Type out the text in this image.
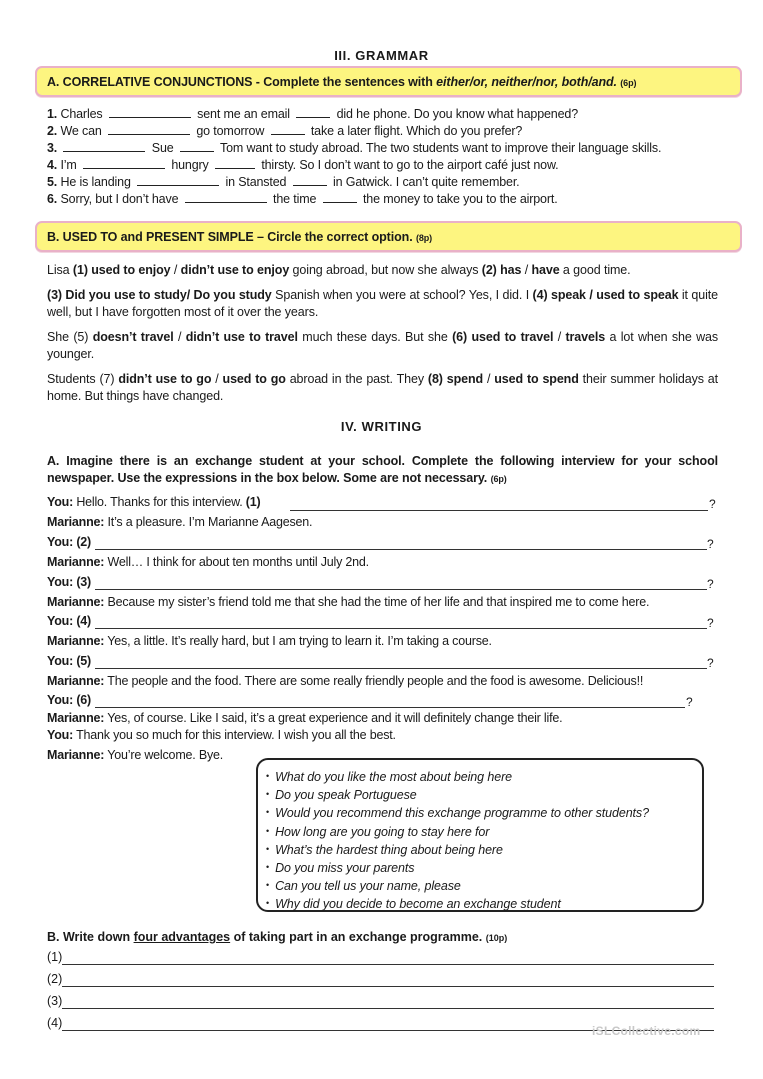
III. GRAMMAR
A. CORRELATIVE CONJUNCTIONS - Complete the sentences with either/or, neither/nor, both/and. (6p)
1. Charles	sent me an email	did he phone. Do you know what happened?
2. We can	go tomorrow	take a later flight. Which do you prefer?
3.	Sue	Tom want to study abroad. The two students want to improve their language skills.
4. I’m	hungry	thirsty. So I don’t want to go to the airport café just now.
5. He is landing	in Stansted	in Gatwick. I can’t quite remember.
6. Sorry, but I don’t have	the time	the money to take you to the airport.
B. USED TO and PRESENT SIMPLE – Circle the correct option. (8p)
Lisa (1) used to enjoy / didn’t use to enjoy going abroad, but now she always (2) has / have a good time.
(3) Did you use to study/ Do you study Spanish when you were at school? Yes, I did. I (4) speak / used to speak it quite well, but I have forgotten most of it over the years.
She (5) doesn’t travel / didn’t use to travel much these days. But she (6) used to travel / travels a lot when she was younger.
Students (7) didn’t use to go / used to go abroad in the past. They (8) spend / used to spend their summer holidays at home. But things have changed.
IV. WRITING
A. Imagine there is an exchange student at your school. Complete the following interview for your school newspaper. Use the expressions in the box below. Some are not necessary. (6p)
You: Hello. Thanks for this interview. (1)	?
Marianne: It’s a pleasure. I’m Marianne Aagesen.
You: (2)	?
Marianne: Well… I think for about ten months until July 2nd.
You: (3)	?
Marianne: Because my sister’s friend told me that she had the time of her life and that inspired me to come here.
You: (4)	?
Marianne: Yes, a little. It’s really hard, but I am trying to learn it. I’m taking a course.
You: (5)	?
Marianne: The people and the food. There are some really friendly people and the food is awesome. Delicious!!
You: (6)	?
Marianne: Yes, of course. Like I said, it’s a great experience and it will definitely change their life.
You: Thank you so much for this interview. I wish you all the best.
Marianne: You’re welcome. Bye.
• What do you like the most about being here
• Do you speak Portuguese
• Would you recommend this exchange programme to other students?
• How long are you going to stay here for
• What’s the hardest thing about being here
• Do you miss your parents
• Can you tell us your name, please
• Why did you decide to become an exchange student
B. Write down four advantages of taking part in an exchange programme. (10p)
(1)
(2)
(3)
(4)
iSLCollective.com
